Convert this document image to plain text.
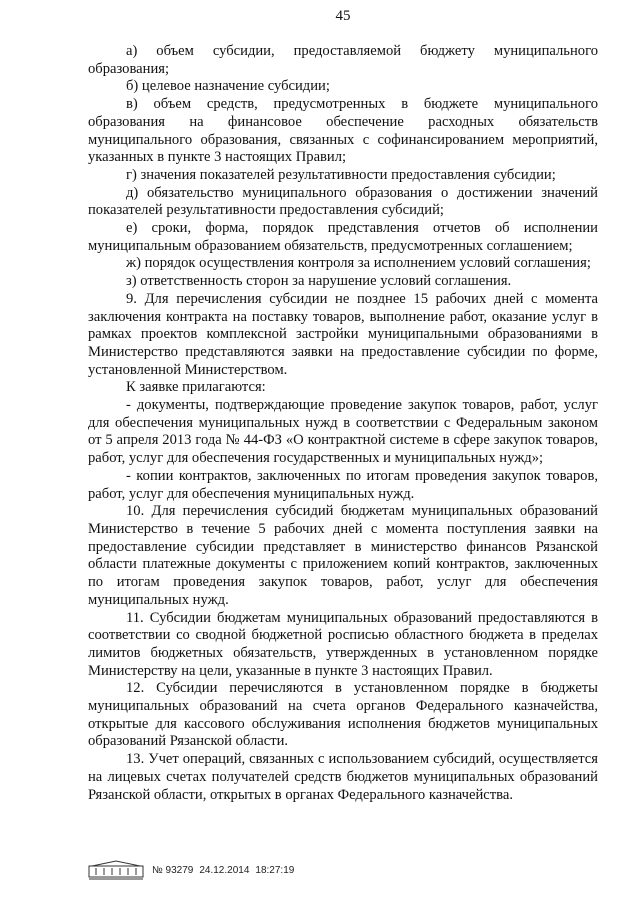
45

а) объем субсидии, предоставляемой бюджету муниципального образования;

б) целевое назначение субсидии;

в) объем средств, предусмотренных в бюджете муниципального образования на финансовое обеспечение расходных обязательств муниципального образования, связанных с софинансированием мероприятий, указанных в пункте 3 настоящих Правил;

г) значения показателей результативности предоставления субсидии;

д) обязательство муниципального образования о достижении значений показателей результативности предоставления субсидий;

е) сроки, форма, порядок представления отчетов об исполнении муниципальным образованием обязательств, предусмотренных соглашением;

ж) порядок осуществления контроля за исполнением условий соглашения;

з) ответственность сторон за нарушение условий соглашения.

9. Для перечисления субсидии не позднее 15 рабочих дней с момента заключения контракта на поставку товаров, выполнение работ, оказание услуг в рамках проектов комплексной застройки муниципальными образованиями в Министерство представляются заявки на предоставление субсидии по форме, установленной Министерством.

К заявке прилагаются:

- документы, подтверждающие проведение закупок товаров, работ, услуг для обеспечения муниципальных нужд в соответствии с Федеральным законом от 5 апреля 2013 года № 44-ФЗ «О контрактной системе в сфере закупок товаров, работ, услуг для обеспечения государственных и муниципальных нужд»;

- копии контрактов, заключенных по итогам проведения закупок товаров, работ, услуг для обеспечения муниципальных нужд.

10. Для перечисления субсидий бюджетам муниципальных образований Министерство в течение 5 рабочих дней с момента поступления заявки на предоставление субсидии представляет в министерство финансов Рязанской области платежные документы с приложением копий контрактов, заключенных по итогам проведения закупок товаров, работ, услуг для обеспечения муниципальных нужд.

11. Субсидии бюджетам муниципальных образований предоставляются в соответствии со сводной бюджетной росписью областного бюджета в пределах лимитов бюджетных обязательств, утвержденных в установленном порядке Министерству на цели, указанные в пункте 3 настоящих Правил.

12. Субсидии перечисляются в установленном порядке в бюджеты муниципальных образований на счета органов Федерального казначейства, открытые для кассового обслуживания исполнения бюджетов муниципальных образований Рязанской области.

13. Учет операций, связанных с использованием субсидий, осуществляется на лицевых счетах получателей средств бюджетов муниципальных образований Рязанской области, открытых в органах Федерального казначейства.

№ 93279 24.12.2014 18:27:19
